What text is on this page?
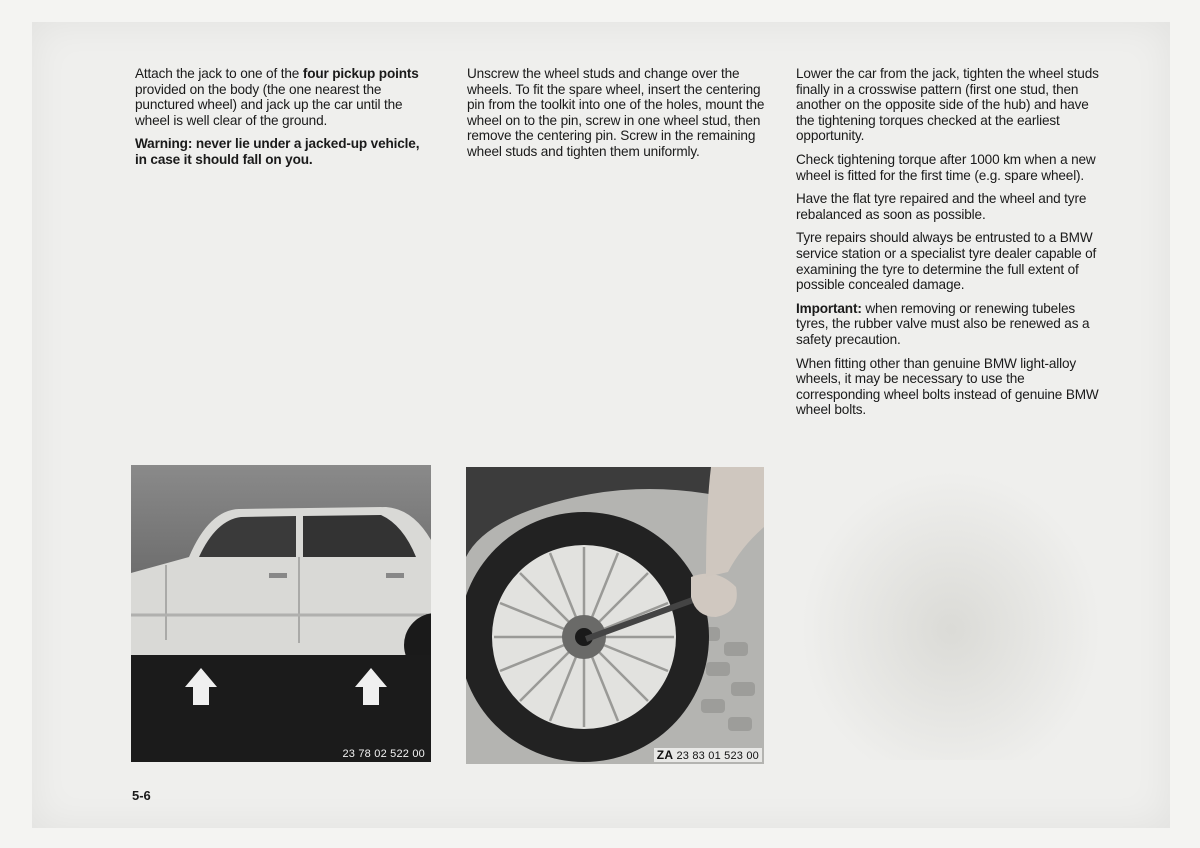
Attach the jack to one of the four pickup points provided on the body (the one nearest the punctured wheel) and jack up the car until the wheel is well clear of the ground.

Warning: never lie under a jacked-up vehicle, in case it should fall on you.

Unscrew the wheel studs and change over the wheels. To fit the spare wheel, insert the centering pin from the toolkit into one of the holes, mount the wheel on to the pin, screw in one wheel stud, then remove the centering pin. Screw in the remaining wheel studs and tighten them uniformly.

Lower the car from the jack, tighten the wheel studs finally in a crosswise pattern (first one stud, then another on the opposite side of the hub) and have the tightening torques checked at the earliest opportunity.

Check tightening torque after 1000 km when a new wheel is fitted for the first time (e.g. spare wheel).

Have the flat tyre repaired and the wheel and tyre rebalanced as soon as possible.

Tyre repairs should always be entrusted to a BMW service station or a specialist tyre dealer capable of examining the tyre to determine the full extent of possible concealed damage.

Important: when removing or renewing tubeles tyres, the rubber valve must also be renewed as a safety precaution.

When fitting other than genuine BMW light-alloy wheels, it may be necessary to use the corresponding wheel bolts instead of genuine BMW wheel bolts.

23 78 02 522 00	ZA 23 83 01 523 00
5-6
